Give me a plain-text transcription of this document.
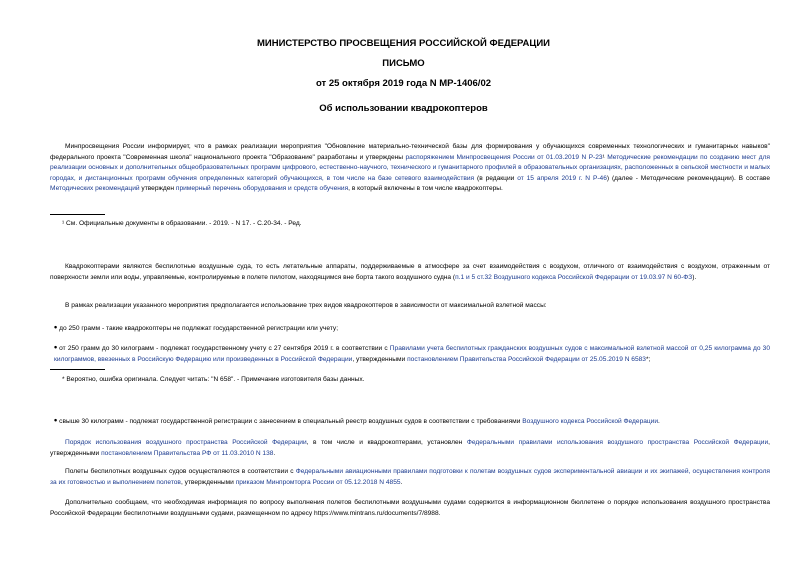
МИНИСТЕРСТВО ПРОСВЕЩЕНИЯ РОССИЙСКОЙ ФЕДЕРАЦИИ
ПИСЬМО
от 25 октября 2019 года N МР-1406/02
Об использовании квадрокоптеров
Минпросвещения России информирует, что в рамках реализации мероприятия "Обновление материально-технической базы для формирования у обучающихся современных технологических и гуманитарных навыков" федерального проекта "Современная школа" национального проекта "Образование" разработаны и утверждены распоряжением Минпросвещения России от 01.03.2019 N Р-23¹ Методические рекомендации по созданию мест для реализации основных и дополнительных общеобразовательных программ цифрового, естественно-научного, технического и гуманитарного профилей в образовательных организациях, расположенных в сельской местности и малых городах, и дистанционных программ обучения определенных категорий обучающихся, в том числе на базе сетевого взаимодействия (в редакции от 15 апреля 2019 г. N Р-46) (далее - Методические рекомендации). В составе Методических рекомендаций утвержден примерный перечень оборудования и средств обучения, в который включены в том числе квадрокоптеры.
¹ См. Официальные документы в образовании. - 2019. - N 17. - С.20-34. - Ред.
Квадрокоптерами являются беспилотные воздушные суда, то есть летательные аппараты, поддерживаемые в атмосфере за счет взаимодействия с воздухом, отличного от взаимодействия с воздухом, отраженным от поверхности земли или воды, управляемые, контролируемые в полете пилотом, находящимся вне борта такого воздушного судна (п.1 и 5 ст.32 Воздушного кодекса Российской Федерации от 19.03.97 N 60-ФЗ).
В рамках реализации указанного мероприятия предполагается использование трех видов квадрокоптеров в зависимости от максимальной взлетной массы:
• до 250 грамм - такие квадрокоптеры не подлежат государственной регистрации или учету;
• от 250 грамм до 30 килограмм - подлежат государственному учету с 27 сентября 2019 г. в соответствии с Правилами учета беспилотных гражданских воздушных судов с максимальной взлетной массой от 0,25 килограмма до 30 килограммов, ввезенных в Российскую Федерацию или произведенных в Российской Федерации, утвержденными постановлением Правительства Российской Федерации от 25.05.2019 N 6583*;
* Вероятно, ошибка оригинала. Следует читать: "N 658". - Примечание изготовителя базы данных.
• свыше 30 килограмм - подлежат государственной регистрации с занесением в специальный реестр воздушных судов в соответствии с требованиями Воздушного кодекса Российской Федерации.
Порядок использования воздушного пространства Российской Федерации, в том числе и квадрокоптерами, установлен Федеральными правилами использования воздушного пространства Российской Федерации, утвержденными постановлением Правительства РФ от 11.03.2010 N 138.
Полеты беспилотных воздушных судов осуществляются в соответствии с Федеральными авиационными правилами подготовки к полетам воздушных судов экспериментальной авиации и их экипажей, осуществления контроля за их готовностью и выполнением полетов, утвержденными приказом Минпромторга России от 05.12.2018 N 4855.
Дополнительно сообщаем, что необходимая информация по вопросу выполнения полетов беспилотными воздушными судами содержится в информационном бюллетене о порядке использования воздушного пространства Российской Федерации беспилотными воздушными судами, размещенном по адресу https://www.mintrans.ru/documents/7/8988.
